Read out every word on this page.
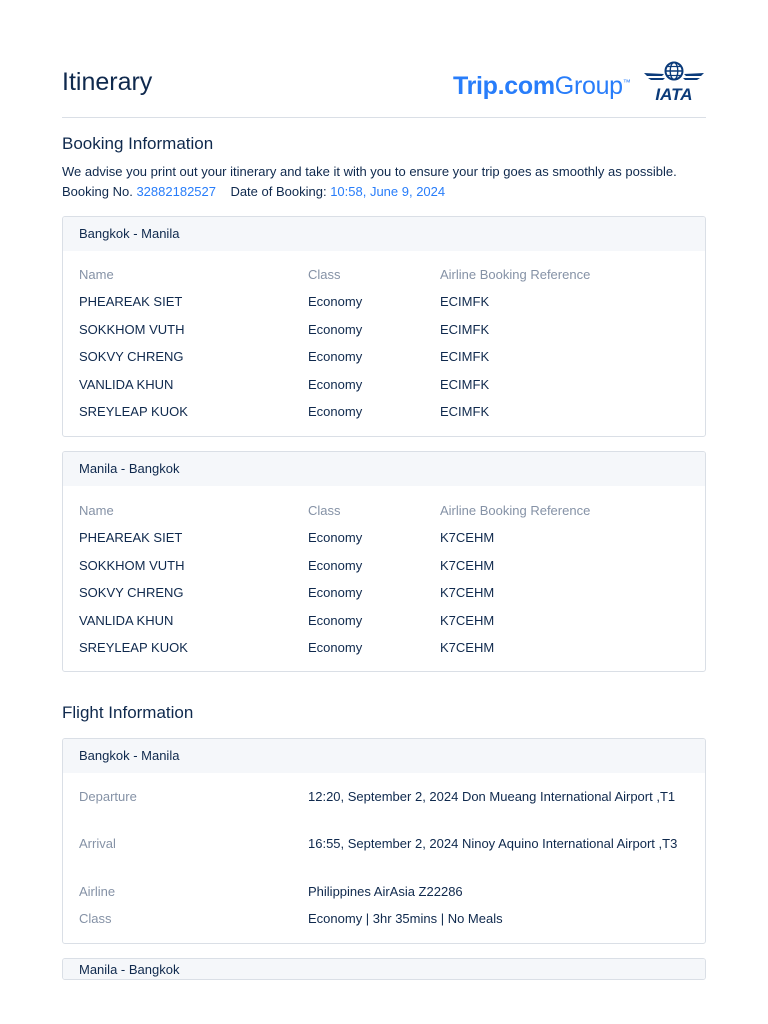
Itinerary	Trip.comGroup™
IATA
Booking Information
We advise you print out your itinerary and take it with you to ensure your trip goes as smoothly as possible.
Booking No. 32882182527 Date of Booking: 10:58, June 9, 2024
Bangkok - Manila
Name	Class	Airline Booking Reference
PHEAREAK SIET	Economy	ECIMFK
SOKKHOM VUTH	Economy	ECIMFK
SOKVY CHRENG	Economy	ECIMFK
VANLIDA KHUN	Economy	ECIMFK
SREYLEAP KUOK	Economy	ECIMFK
Manila - Bangkok
Name	Class	Airline Booking Reference
PHEAREAK SIET	Economy	K7CEHM
SOKKHOM VUTH	Economy	K7CEHM
SOKVY CHRENG	Economy	K7CEHM
VANLIDA KHUN	Economy	K7CEHM
SREYLEAP KUOK	Economy	K7CEHM
Flight Information
Bangkok - Manila
Departure	12:20, September 2, 2024 Don Mueang International Airport ,T1
Arrival	16:55, September 2, 2024 Ninoy Aquino International Airport ,T3
Airline	Philippines AirAsia Z22286
Class	Economy | 3hr 35mins | No Meals
Manila - Bangkok
